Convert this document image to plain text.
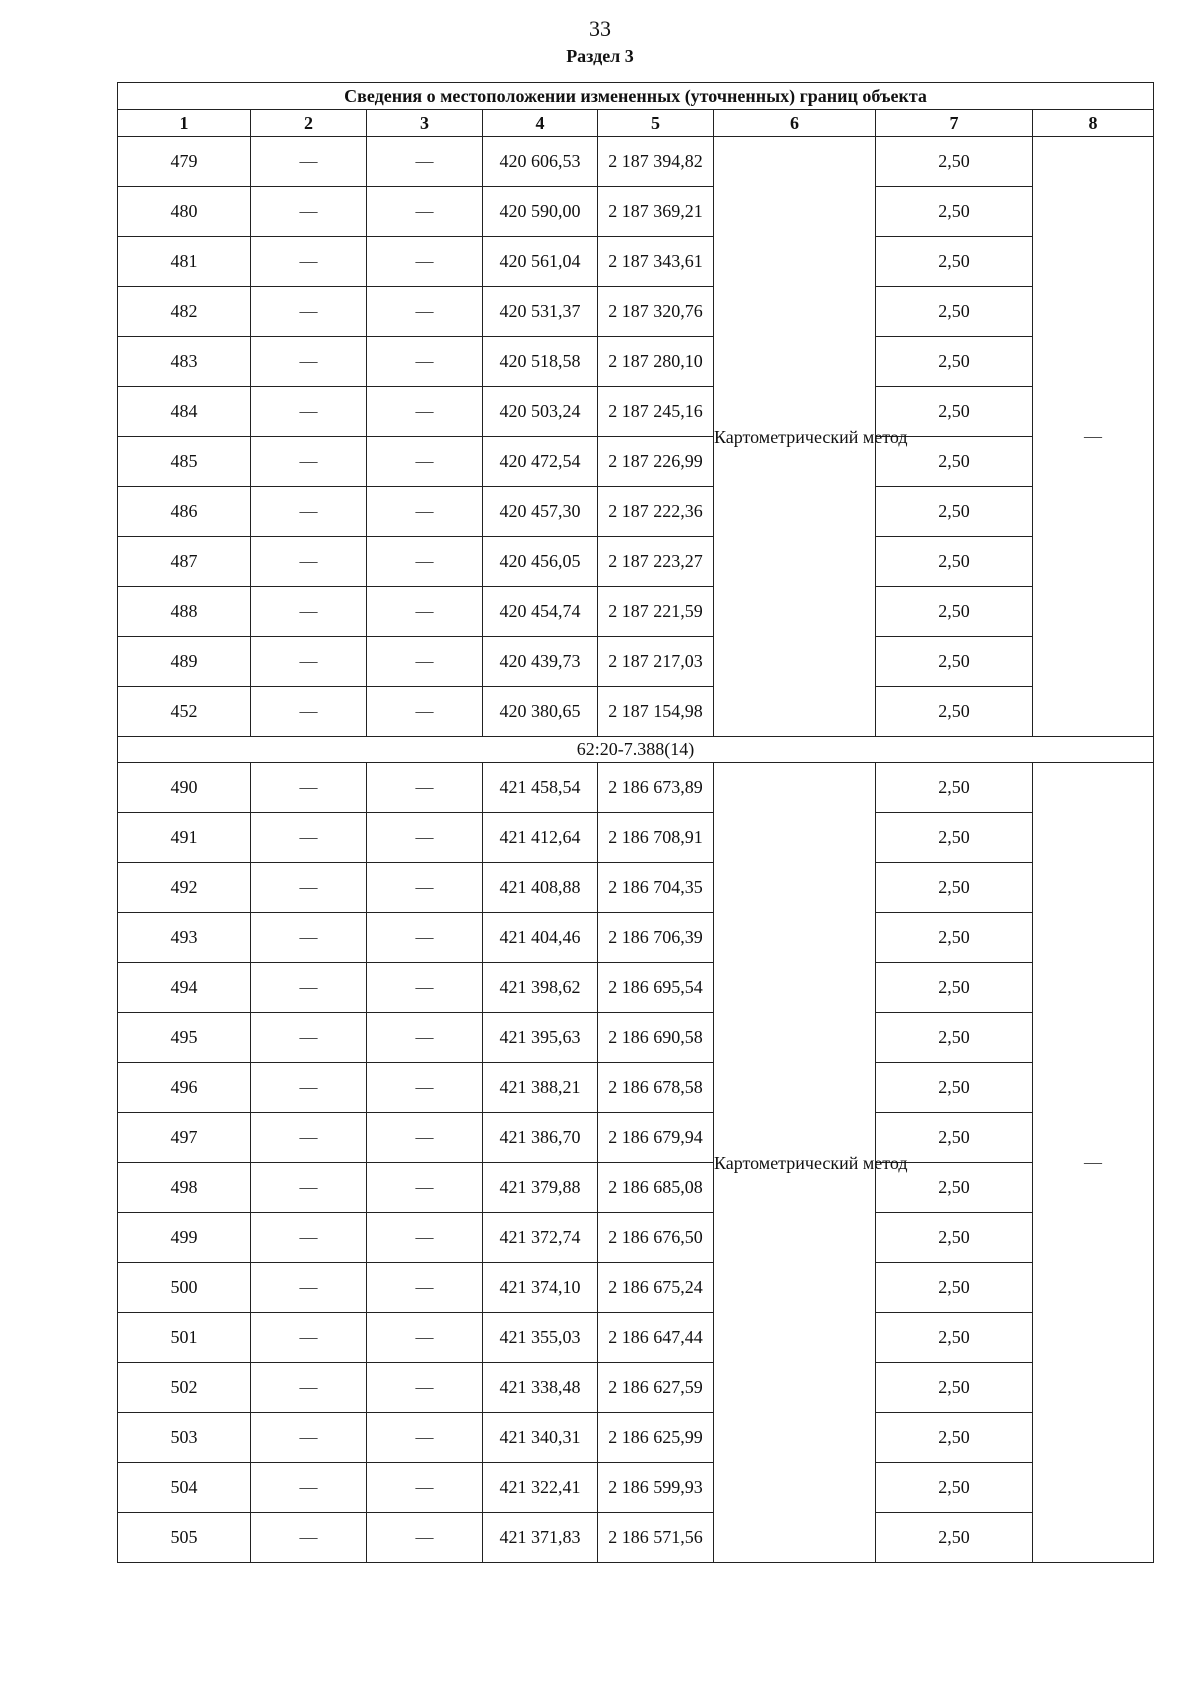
33
Раздел 3
Сведения о местоположении измененных (уточненных) границ объекта							
1	2	3	4	5	6	7	8
479	—	—	420 606,53	2 187 394,82	Картометрический метод	2,50	—
480	—	—	420 590,00	2 187 369,21		2,50	
481	—	—	420 561,04	2 187 343,61		2,50	
482	—	—	420 531,37	2 187 320,76		2,50	
483	—	—	420 518,58	2 187 280,10		2,50	
484	—	—	420 503,24	2 187 245,16		2,50	
485	—	—	420 472,54	2 187 226,99		2,50	
486	—	—	420 457,30	2 187 222,36		2,50	
487	—	—	420 456,05	2 187 223,27		2,50	
488	—	—	420 454,74	2 187 221,59		2,50	
489	—	—	420 439,73	2 187 217,03		2,50	
452	—	—	420 380,65	2 187 154,98		2,50	
62:20-7.388(14)							
490	—	—	421 458,54	2 186 673,89	Картометрический метод	2,50	—
491	—	—	421 412,64	2 186 708,91		2,50	
492	—	—	421 408,88	2 186 704,35		2,50	
493	—	—	421 404,46	2 186 706,39		2,50	
494	—	—	421 398,62	2 186 695,54		2,50	
495	—	—	421 395,63	2 186 690,58		2,50	
496	—	—	421 388,21	2 186 678,58		2,50	
497	—	—	421 386,70	2 186 679,94		2,50	
498	—	—	421 379,88	2 186 685,08		2,50	
499	—	—	421 372,74	2 186 676,50		2,50	
500	—	—	421 374,10	2 186 675,24		2,50	
501	—	—	421 355,03	2 186 647,44		2,50	
502	—	—	421 338,48	2 186 627,59		2,50	
503	—	—	421 340,31	2 186 625,99		2,50	
504	—	—	421 322,41	2 186 599,93		2,50	
505	—	—	421 371,83	2 186 571,56		2,50	
